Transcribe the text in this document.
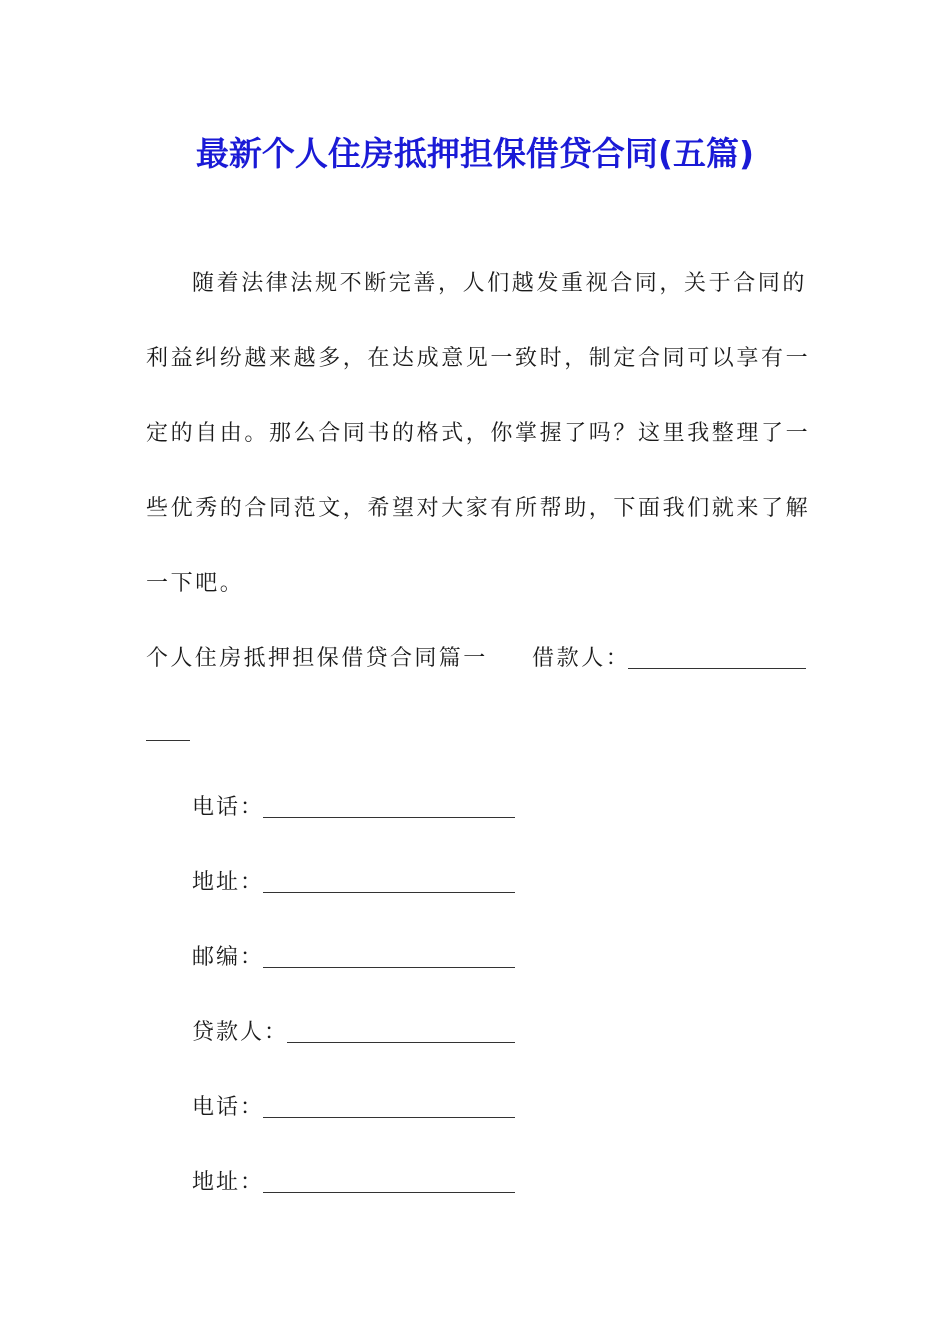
最新个人住房抵押担保借贷合同(五篇)
随着法律法规不断完善，人们越发重视合同，关于合同的
利益纠纷越来越多，在达成意见一致时，制定合同可以享有一
定的自由。那么合同书的格式，你掌握了吗？这里我整理了一
些优秀的合同范文，希望对大家有所帮助，下面我们就来了解
一下吧。
个人住房抵押担保借贷合同篇一 借款人：
电话：
地址：
邮编：
贷款人：
电话：
地址：
